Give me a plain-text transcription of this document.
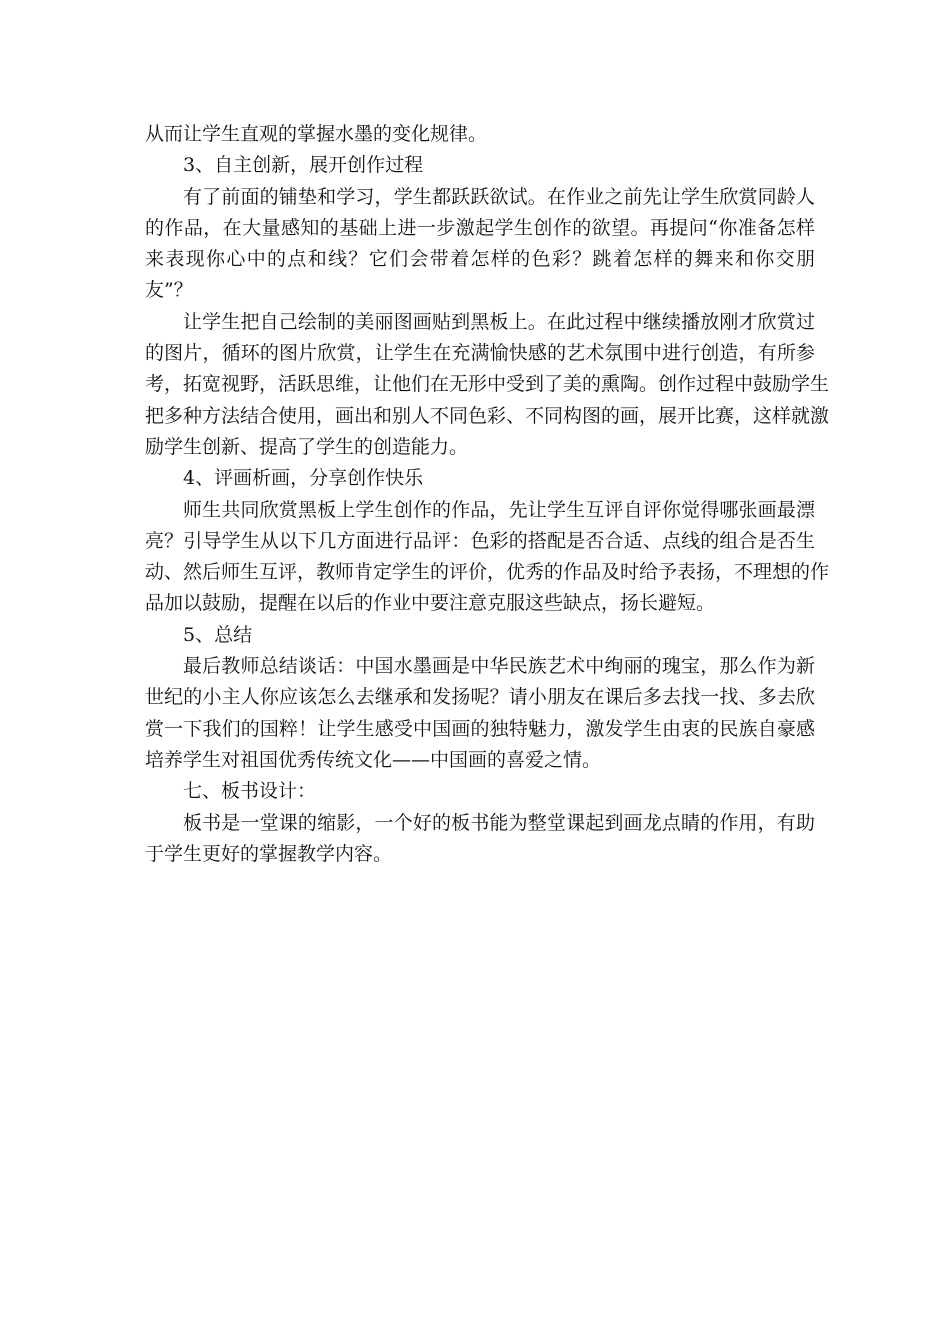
从而让学生直观的掌握水墨的变化规律。
3、自主创新，展开创作过程
有了前面的铺垫和学习，学生都跃跃欲试。在作业之前先让学生欣赏同龄人
的作品，在大量感知的基础上进一步激起学生创作的欲望。再提问“你准备怎样
来表现你心中的点和线？它们会带着怎样的色彩？跳着怎样的舞来和你交朋
友”？
让学生把自己绘制的美丽图画贴到黑板上。在此过程中继续播放刚才欣赏过
的图片，循环的图片欣赏，让学生在充满愉快感的艺术氛围中进行创造，有所参
考，拓宽视野，活跃思维，让他们在无形中受到了美的熏陶。创作过程中鼓励学生
把多种方法结合使用，画出和别人不同色彩、不同构图的画，展开比赛，这样就激
励学生创新、提高了学生的创造能力。
4、评画析画，分享创作快乐
师生共同欣赏黑板上学生创作的作品，先让学生互评自评你觉得哪张画最漂
亮？引导学生从以下几方面进行品评：色彩的搭配是否合适、点线的组合是否生
动、然后师生互评，教师肯定学生的评价，优秀的作品及时给予表扬，不理想的作
品加以鼓励，提醒在以后的作业中要注意克服这些缺点，扬长避短。
5、总结
最后教师总结谈话：中国水墨画是中华民族艺术中绚丽的瑰宝，那么作为新
世纪的小主人你应该怎么去继承和发扬呢？请小朋友在课后多去找一找、多去欣
赏一下我们的国粹！让学生感受中国画的独特魅力，激发学生由衷的民族自豪感
培养学生对祖国优秀传统文化——中国画的喜爱之情。
七、板书设计：
板书是一堂课的缩影，一个好的板书能为整堂课起到画龙点睛的作用，有助
于学生更好的掌握教学内容。
